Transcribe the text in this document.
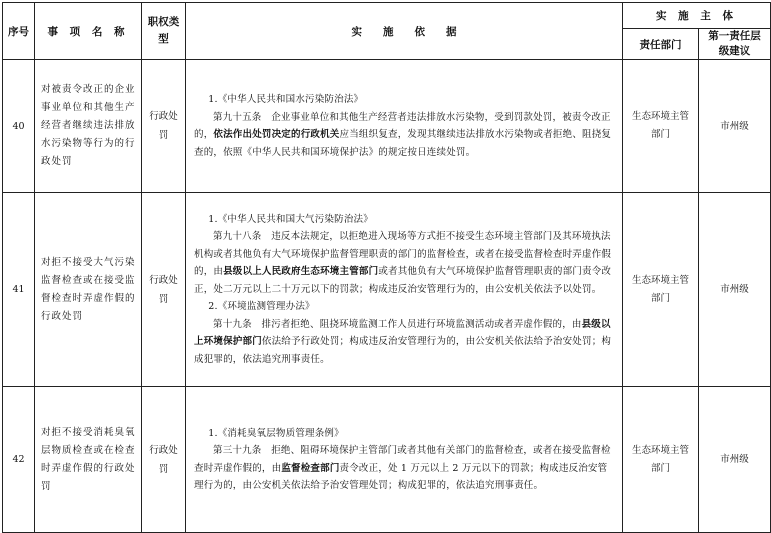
序号	事 项 名 称	职权类型	实　　施　　依　　据	实 施 主 体	
				责任部门	第一责任层级建议
40	对被责令改正的企业事业单位和其他生产经营者继续违法排放水污染物等行为的行政处罚	行政处罚	1.《中华人民共和国水污染防治法》

第九十五条　企业事业单位和其他生产经营者违法排放水污染物，受到罚款处罚，被责令改正的，依法作出处罚决定的行政机关应当组织复查，发现其继续违法排放水污染物或者拒绝、阻挠复查的，依照《中华人民共和国环境保护法》的规定按日连续处罚。	生态环境主管部门	市州级
41	对拒不接受大气污染监督检查或在接受监督检查时弄虚作假的行政处罚	行政处罚	1.《中华人民共和国大气污染防治法》

第九十八条　违反本法规定，以拒绝进入现场等方式拒不接受生态环境主管部门及其环境执法机构或者其他负有大气环境保护监督管理职责的部门的监督检查，或者在接受监督检查时弄虚作假的，由县级以上人民政府生态环境主管部门或者其他负有大气环境保护监督管理职责的部门责令改正，处二万元以上二十万元以下的罚款；构成违反治安管理行为的，由公安机关依法予以处罚。

2.《环境监测管理办法》

第十九条　排污者拒绝、阻挠环境监测工作人员进行环境监测活动或者弄虚作假的，由县级以上环境保护部门依法给予行政处罚；构成违反治安管理行为的，由公安机关依法给予治安处罚；构成犯罪的，依法追究刑事责任。	生态环境主管部门	市州级
42	对拒不接受消耗臭氧层物质检查或在检查时弄虚作假的行政处罚	行政处罚	1.《消耗臭氧层物质管理条例》

第三十九条　拒绝、阻碍环境保护主管部门或者其他有关部门的监督检查，或者在接受监督检查时弄虚作假的，由监督检查部门责令改正，处 1 万元以上 2 万元以下的罚款；构成违反治安管理行为的，由公安机关依法给予治安管理处罚；构成犯罪的，依法追究刑事责任。	生态环境主管部门	市州级
